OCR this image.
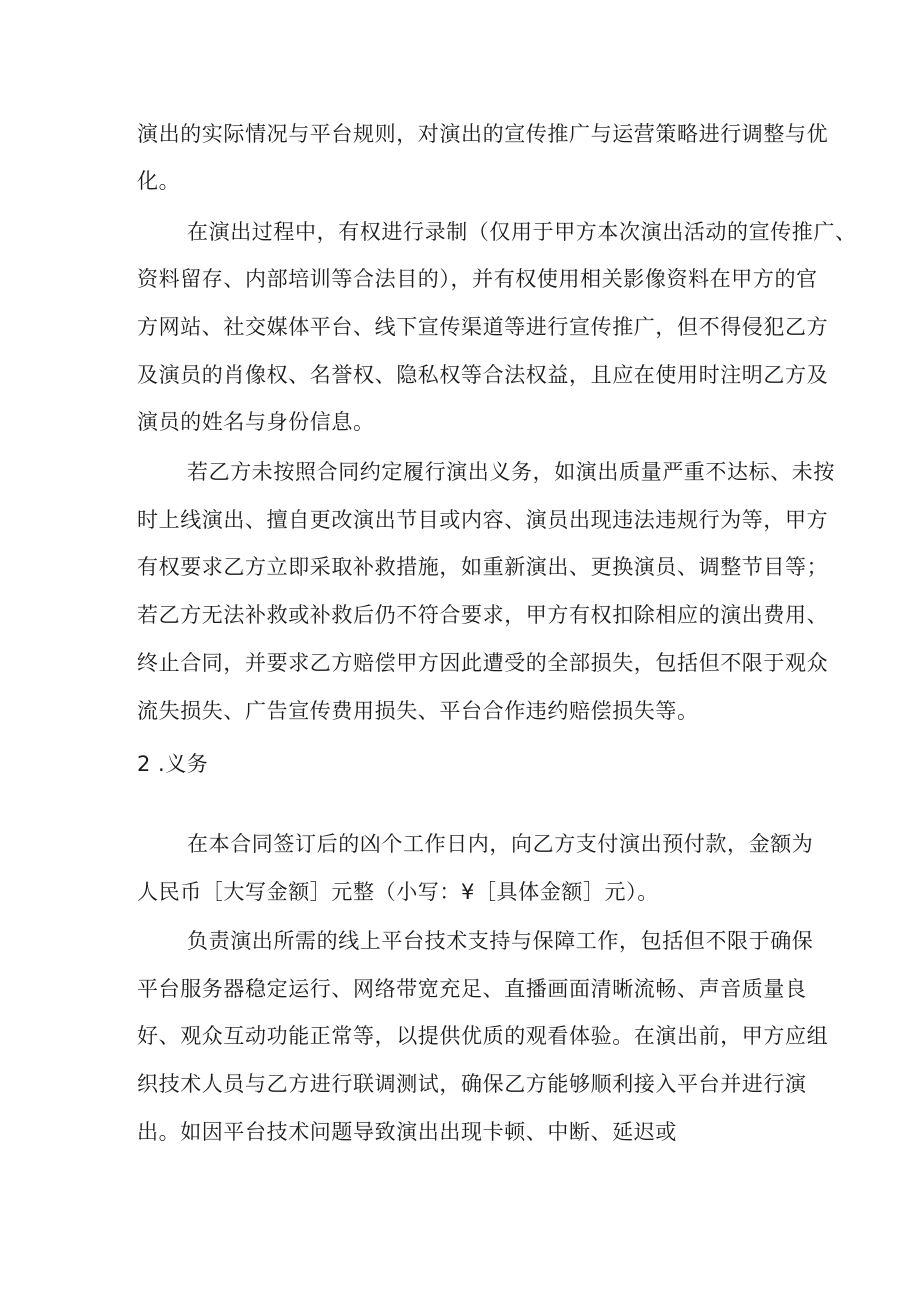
演出的实际情况与平台规则，对演出的宣传推广与运营策略进行调整与优

化。

在演出过程中，有权进行录制（仅用于甲方本次演出活动的宣传推广、

资料留存、内部培训等合法目的），并有权使用相关影像资料在甲方的官

方网站、社交媒体平台、线下宣传渠道等进行宣传推广，但不得侵犯乙方

及演员的肖像权、名誉权、隐私权等合法权益，且应在使用时注明乙方及

演员的姓名与身份信息。

若乙方未按照合同约定履行演出义务，如演出质量严重不达标、未按

时上线演出、擅自更改演出节目或内容、演员出现违法违规行为等，甲方

有权要求乙方立即采取补救措施，如重新演出、更换演员、调整节目等；

若乙方无法补救或补救后仍不符合要求，甲方有权扣除相应的演出费用、

终止合同，并要求乙方赔偿甲方因此遭受的全部损失，包括但不限于观众

流失损失、广告宣传费用损失、平台合作违约赔偿损失等。

2 .义务

在本合同签订后的凶个工作日内，向乙方支付演出预付款，金额为

人民币［大写金额］元整（小写：¥［具体金额］元）。

负责演出所需的线上平台技术支持与保障工作，包括但不限于确保

平台服务器稳定运行、网络带宽充足、直播画面清晰流畅、声音质量良

好、观众互动功能正常等，以提供优质的观看体验。在演出前，甲方应组

织技术人员与乙方进行联调测试，确保乙方能够顺利接入平台并进行演

出。如因平台技术问题导致演出出现卡顿、中断、延迟或
